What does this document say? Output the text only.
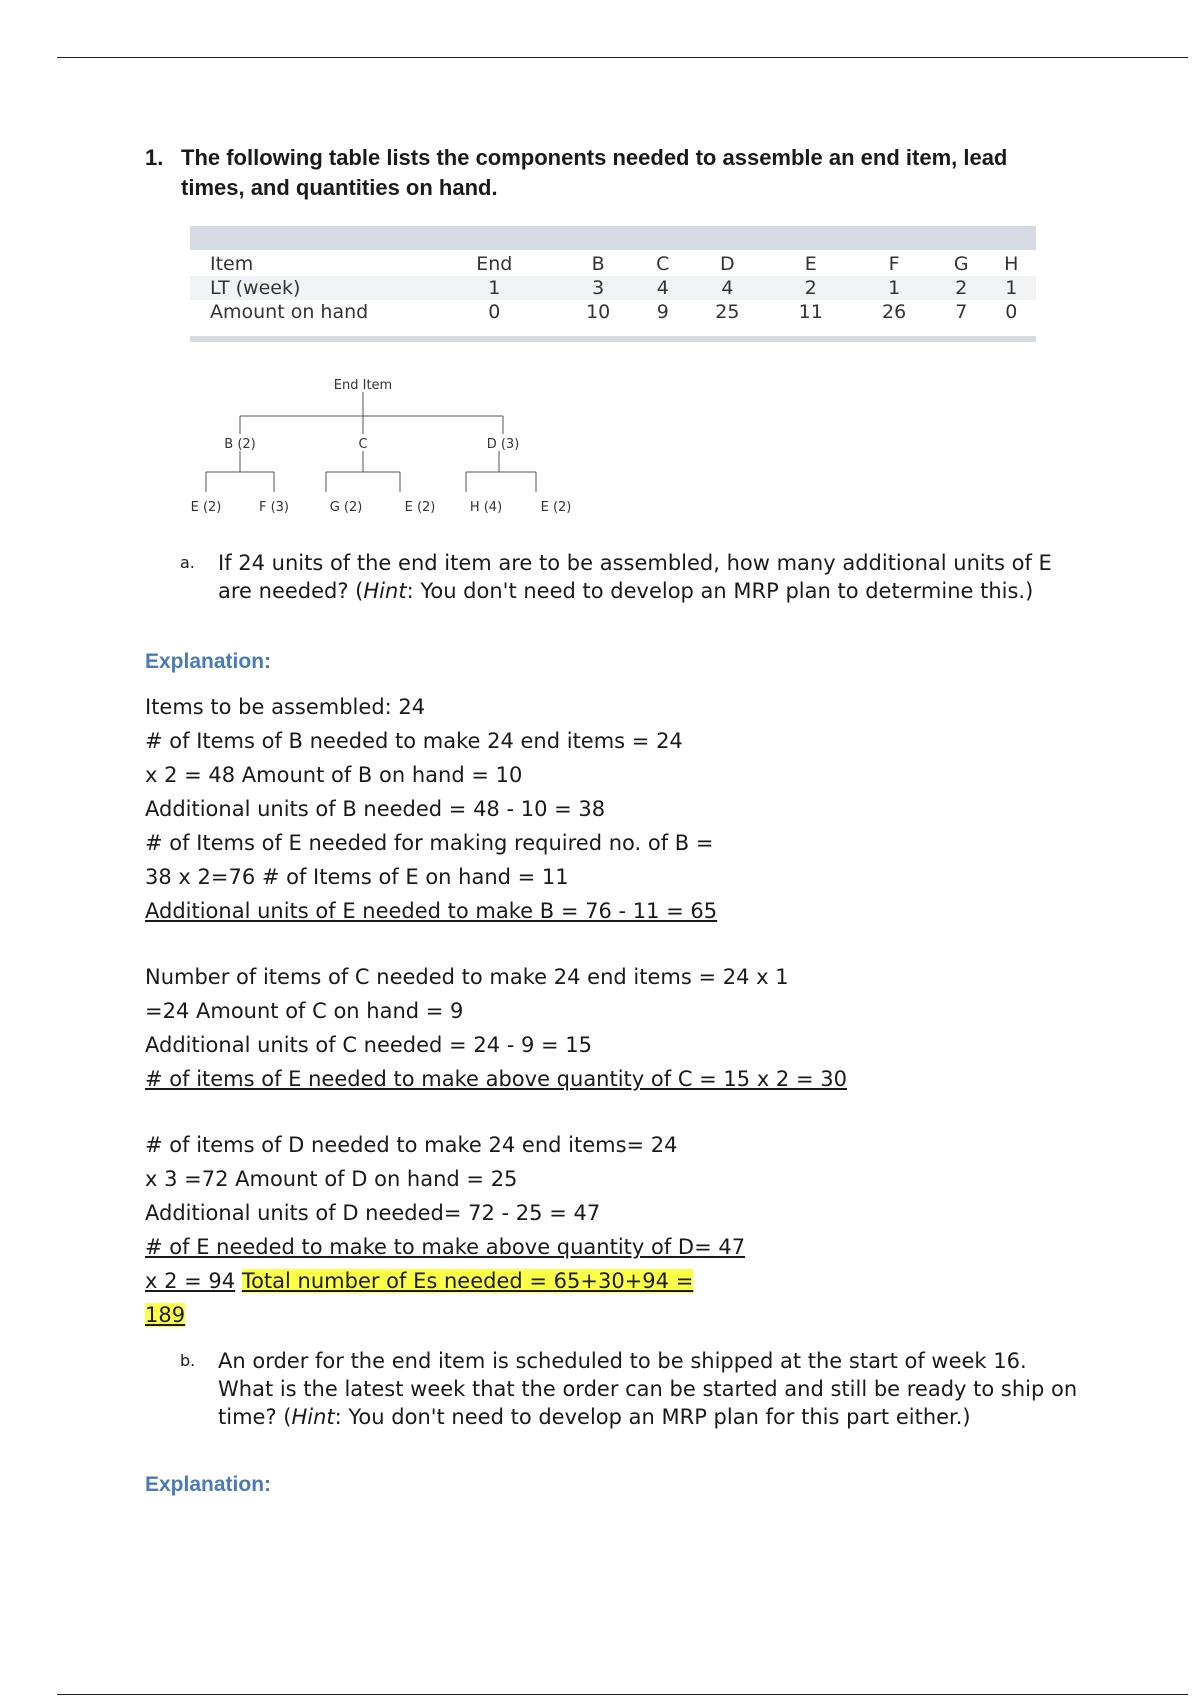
1. The following table lists the components needed to assemble an end item, lead times, and quantities on hand.
Item	End	B	C	D	E	F	G	H
LT (week)	1	3	4	4	2	1	2	1
Amount on hand	0	10	9	25	11	26	7	0
End Item
B (2)	C	D (3)
E (2)	F (3)	G (2)	E (2)	H (4)	E (2)
a.	If 24 units of the end item are to be assembled, how many additional units of E are needed? (Hint: You don't need to develop an MRP plan to determine this.)
Explanation:
Items to be assembled: 24
# of Items of B needed to make 24 end items = 24
x 2 = 48 Amount of B on hand = 10
Additional units of B needed = 48 - 10 = 38
# of Items of E needed for making required no. of B =
38 x 2=76 # of Items of E on hand = 11
Additional units of E needed to make B = 76 - 11 = 65
Number of items of C needed to make 24 end items = 24 x 1
=24 Amount of C on hand = 9
Additional units of C needed = 24 - 9 = 15
# of items of E needed to make above quantity of C = 15 x 2 = 30
# of items of D needed to make 24 end items= 24
x 3 =72 Amount of D on hand = 25
Additional units of D needed= 72 - 25 = 47
# of E needed to make to make above quantity of D= 47
x 2 = 94 Total number of Es needed = 65+30+94 =
189
b.	An order for the end item is scheduled to be shipped at the start of week 16. What is the latest week that the order can be started and still be ready to ship on time? (Hint: You don't need to develop an MRP plan for this part either.)
Explanation:
